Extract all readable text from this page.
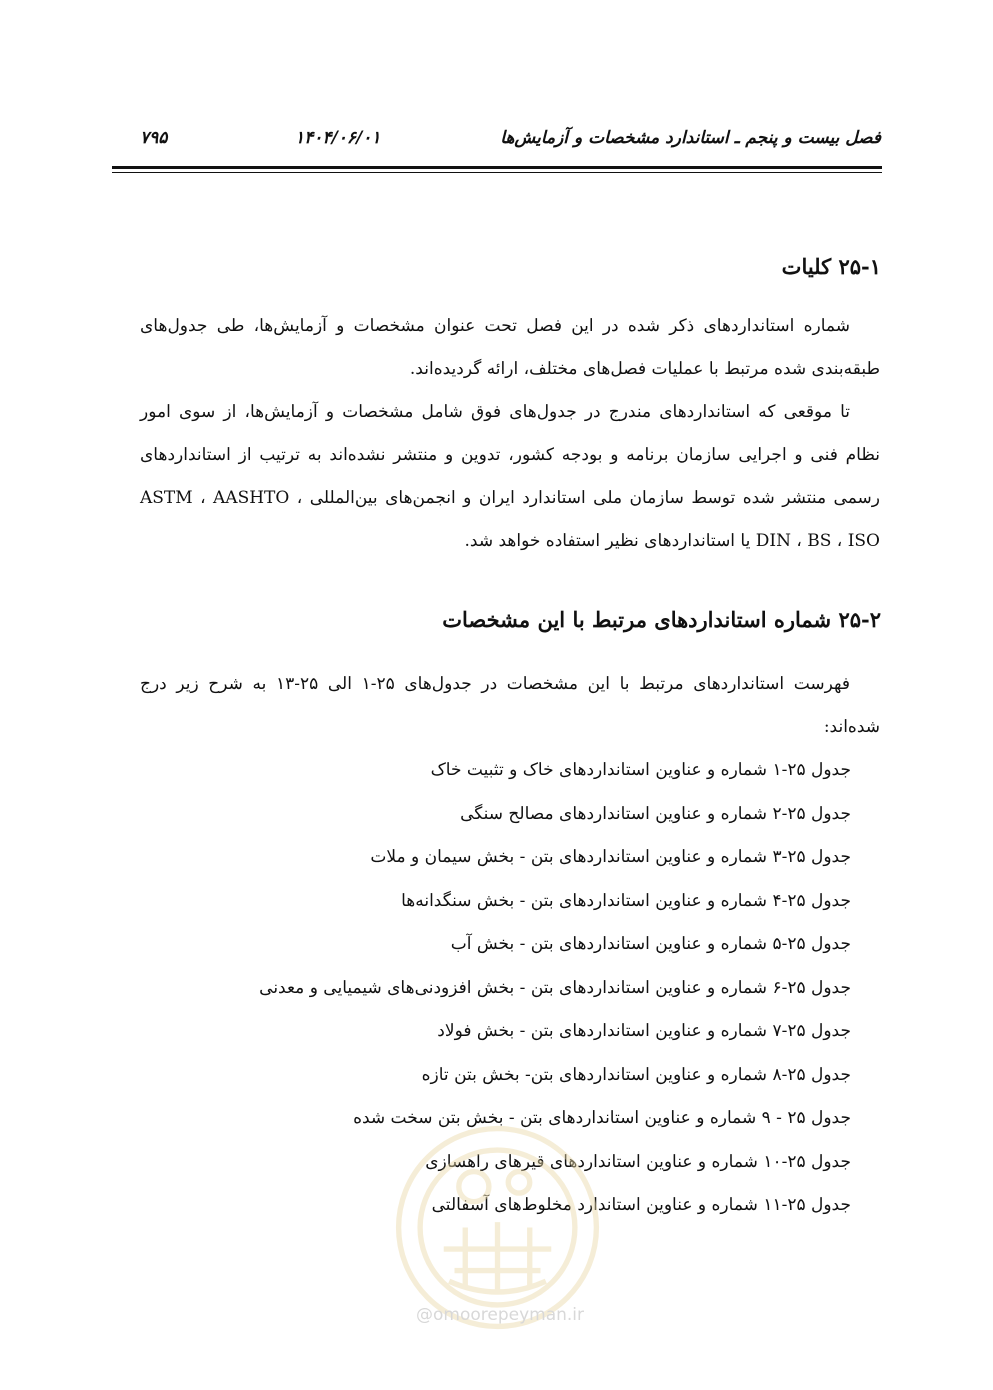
فصل بیست و پنجم ـ استاندارد مشخصات و آزمایش‌ها
۱۴۰۴/۰۶/۰۱
۷۹۵
۲۵-۱ کلیات

شماره استانداردهای ذکر شده در این فصل تحت عنوان مشخصات و آزمایش‌ها، طی جدول‌های طبقه‌بندی شده مرتبط با عملیات فصل‌های مختلف، ارائه گردیده‌اند.

تا موقعی که استانداردهای مندرج در جدول‌های فوق شامل مشخصات و آزمایش‌ها، از سوی امور نظام فنی و اجرایی سازمان برنامه و بودجه کشور، تدوین و منتشر نشده‌اند به ترتیب از استانداردهای رسمی منتشر شده توسط سازمان ملی استاندارد ایران و انجمن‌های بین‌المللی ASTM ، AASHTO ، DIN ، BS ، ISO یا استانداردهای نظیر استفاده خواهد شد.

۲۵-۲ شماره استانداردهای مرتبط با این مشخصات

فهرست استانداردهای مرتبط با این مشخصات در جدول‌های ۲۵-۱ الی ۲۵-۱۳ به شرح زیر درج شده‌اند:

جدول ۲۵-۱ شماره و عناوین استانداردهای خاک و تثبیت خاک
جدول ۲۵-۲ شماره و عناوین استانداردهای مصالح سنگی
جدول ۲۵-۳ شماره و عناوین استانداردهای بتن - بخش سیمان و ملات
جدول ۲۵-۴ شماره و عناوین استانداردهای بتن - بخش سنگدانه‌ها
جدول ۲۵-۵ شماره و عناوین استانداردهای بتن - بخش آب
جدول ۲۵-۶ شماره و عناوین استانداردهای بتن - بخش افزودنی‌های شیمیایی و معدنی
جدول ۲۵-۷ شماره و عناوین استانداردهای بتن - بخش فولاد
جدول ۲۵-۸ شماره و عناوین استانداردهای بتن- بخش بتن تازه
جدول ۲۵ - ۹ شماره و عناوین استانداردهای بتن - بخش بتن سخت شده
جدول ۲۵-۱۰ شماره و عناوین استانداردهای قیرهای راهسازی
جدول ۲۵-۱۱ شماره و عناوین استاندارد مخلوط‌های آسفالتی
@omoorepeyman.ir
